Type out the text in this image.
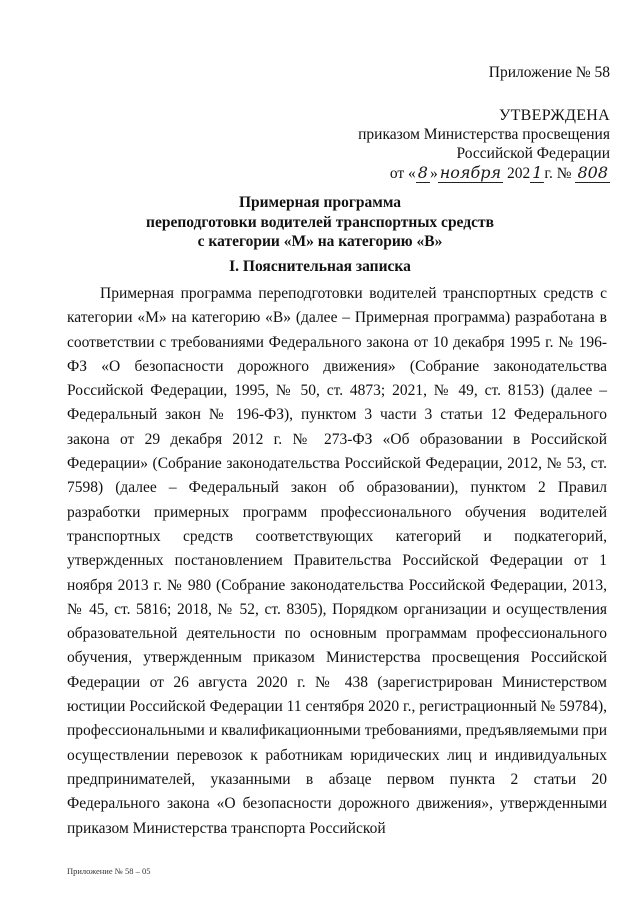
Приложение № 58
УТВЕРЖДЕНА
приказом Министерства просвещения
Российской Федерации
от « 8 » ноября 202 1 г. № 808
Примерная программа
переподготовки водителей транспортных средств
с категории «М» на категорию «В»
I. Пояснительная записка

Примерная программа переподготовки водителей транспортных средств с категории «М» на категорию «В» (далее – Примерная программа) разработана в соответствии с требованиями Федерального закона от 10 декабря 1995 г. № 196-ФЗ «О безопасности дорожного движения» (Собрание законодательства Российской Федерации, 1995, № 50, ст. 4873; 2021, № 49, ст. 8153) (далее – Федеральный закон № 196-ФЗ), пунктом 3 части 3 статьи 12 Федерального закона от 29 декабря 2012 г. № 273-ФЗ «Об образовании в Российской Федерации» (Собрание законодательства Российской Федерации, 2012, № 53, ст. 7598) (далее – Федеральный закон об образовании), пунктом 2 Правил разработки примерных программ профессионального обучения водителей транспортных средств соответствующих категорий и подкатегорий, утвержденных постановлением Правительства Российской Федерации от 1 ноября 2013 г. № 980 (Собрание законодательства Российской Федерации, 2013, № 45, ст. 5816; 2018, № 52, ст. 8305), Порядком организации и осуществления образовательной деятельности по основным программам профессионального обучения, утвержденным приказом Министерства просвещения Российской Федерации от 26 августа 2020 г. № 438 (зарегистрирован Министерством юстиции Российской Федерации 11 сентября 2020 г., регистрационный № 59784), профессиональными и квалификационными требованиями, предъявляемыми при осуществлении перевозок к работникам юридических лиц и индивидуальных предпринимателей, указанными в абзаце первом пункта 2 статьи 20 Федерального закона «О безопасности дорожного движения», утвержденными приказом Министерства транспорта Российской

Приложение № 58 – 05
